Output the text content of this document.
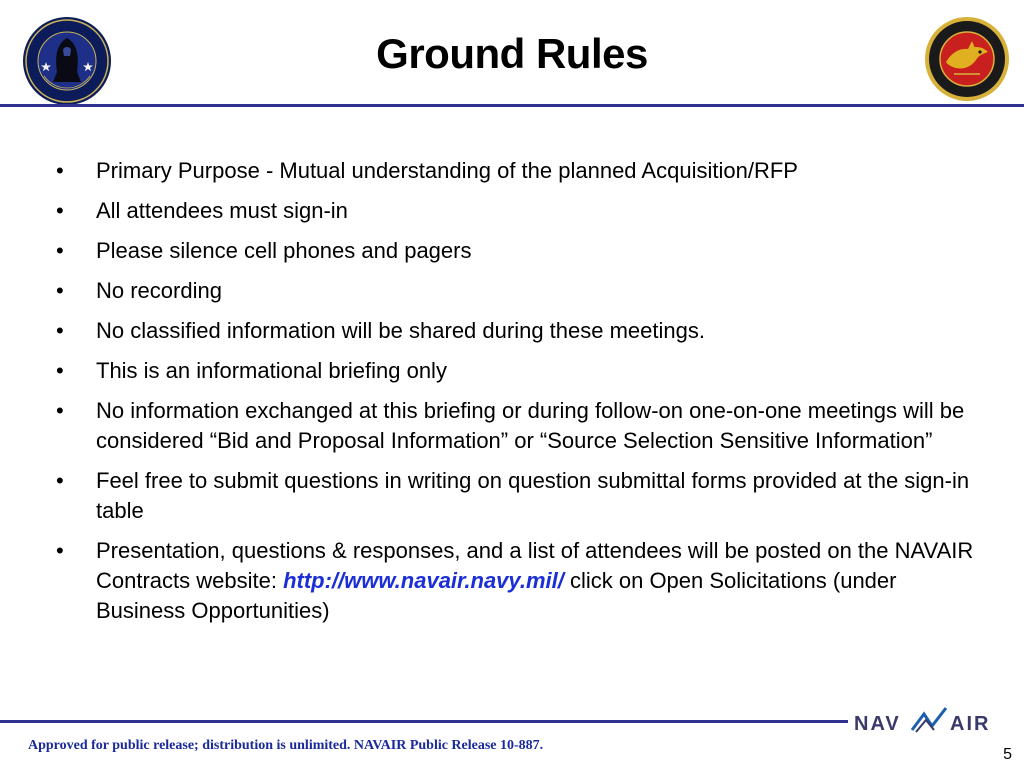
Ground Rules
•	Primary Purpose - Mutual understanding of the planned Acquisition/RFP
•	All attendees must sign-in
•	Please silence cell phones and pagers
•	No recording
•	No classified information will be shared during these meetings.
•	This is an informational briefing only
•	No information exchanged at this briefing or during follow-on one-on-one meetings will be considered “Bid and Proposal Information” or “Source Selection Sensitive Information”
•	Feel free to submit questions in writing on question submittal forms provided at the sign-in table
•	Presentation, questions & responses, and a list of attendees will be posted on the NAVAIR Contracts website: http://www.navair.navy.mil/ click on Open Solicitations (under Business Opportunities)
NAV AIR
Approved for public release; distribution is unlimited. NAVAIR Public Release 10-887.
5
